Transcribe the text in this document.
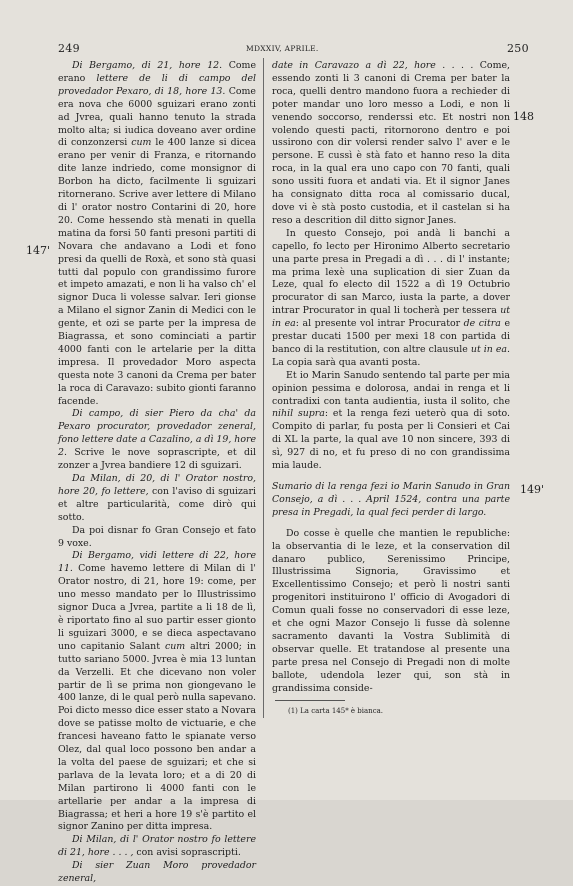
249	MDXXIV, APRILE.	250
147'
148
149'

Di Bergamo, di 21, hore 12. Come erano lettere de li di campo del provedador Pexaro, di 18, hore 13. Come era nova che 6000 sguizari erano zonti ad Jvrea, quali hanno tenuto la strada molto alta; si iudica doveano aver ordine di conzonzersi cum le 400 lanze si dicea erano per venir di Franza, e ritornando dite lanze indriedo, come monsignor di Borbon ha dicto, facilmente li sguizari ritornerano. Scrive aver lettere di Milano di l' orator nostro Contarini di 20, hore 20. Come hessendo stà menati in quella matina da forsi 50 fanti presoni partiti di Novara che andavano a Lodi et fono presi da quelli de Roxà, et sono stà quasi tutti dal populo con grandissimo furore et impeto amazati, e non li ha valso ch' el signor Duca li volesse salvar. Ieri gionse a Milano el signor Zanin di Medici con le gente, et ozi se parte per la impresa de Biagrassa, et sono cominciati a partir 4000 fanti con le artelarie per la ditta impresa. Il provedador Moro aspecta questa note 3 canoni da Crema per bater la roca di Caravazo: subito gionti faranno facende.

Di campo, di sier Piero da cha' da Pexaro procurator, provedador zeneral, fono lettere date a Cazalino, a dì 19, hore 2. Scrive le nove soprascripte, et dil zonzer a Jvrea bandiere 12 di sguizari.

Da Milan, di 20, di l' Orator nostro, hore 20, fo lettere, con l'aviso di sguizari et altre particularità, come dirò qui sotto.

Da poi disnar fo Gran Consejo et fato 9 voxe.

Di Bergamo, vidi lettere di 22, hore 11. Come havemo lettere di Milan di l' Orator nostro, di 21, hore 19: come, per uno messo mandato per lo Illustrissimo signor Duca a Jvrea, partite a li 18 de lì, è riportato fino al suo partir esser gionto li sguizari 3000, e se dieca aspectavano uno capitanio Salant cum altri 2000; in tutto sariano 5000. Jvrea è mia 13 luntan da Verzelli. Et che dicevano non voler partir de lì se prima non giongevano le 400 lanze, di le qual però nulla sapevano. Poi dicto messo dice esser stato a Novara dove se patisse molto de victuarie, e che francesi haveano fatto le spianate verso Olez, dal qual loco possono ben andar a la volta del paese de sguizari; et che si parlava de la levata loro; et a di 20 di Milan partirono li 4000 fanti con le artellarie per andar a la impresa di Biagrassa; et heri a hore 19 s'è partito el signor Zanino per ditta impresa.

Di Milan, di l' Orator nostro fo lettere di 21, hore . . . , con avisi soprascripti.

Di sier Zuan Moro provedador zeneral,

date in Caravazo a dì 22, hore . . . . Come, essendo zonti li 3 canoni di Crema per bater la roca, quelli dentro mandono fuora a rechieder di poter mandar uno loro messo a Lodi, e non li venendo soccorso, renderssi etc. Et nostri non volendo questi pacti, ritornorono dentro e poi ussirono con dir volersi render salvo l' aver e le persone. E cussì è stà fato et hanno reso la dita roca, in la qual era uno capo con 70 fanti, quali sono ussiti fuora et andati via. Et il signor Janes ha consignato ditta roca al comissario ducal, dove vi è stà posto custodia, et il castelan si ha reso a descrition dil ditto signor Janes.

In questo Consejo, poi andà li banchi a capello, fo lecto per Hironimo Alberto secretario una parte presa in Pregadi a dì . . . di l' instante; ma prima lexè una suplication di sier Zuan da Leze, qual fo electo dil 1522 a dì 19 Octubrio procurator di san Marco, iusta la parte, a dover intrar Procurator in qual li tocherà per tessera ut in ea: al presente vol intrar Procurator de citra e prestar ducati 1500 per mexi 18 con partida di banco di la restitution, con altre clausule ut in ea. La copia sarà qua avanti posta.

Et io Marin Sanudo sentendo tal parte per mia opinion pessima e dolorosa, andai in renga et li contradixi con tanta audientia, iusta il solito, che nihil supra: et la renga fezi ueterò qua di soto. Compito di parlar, fu posta per li Consieri et Cai di XL la parte, la qual ave 10 non sincere, 393 di sì, 927 di no, et fu preso di no con grandissima mia laude.

Sumario di la renga fezi io Marin Sanudo in Gran Consejo, a dì . . . April 1524, contra una parte presa in Pregadi, la qual feci perder di largo.

Do cosse è quelle che mantien le republiche: la observantia di le leze, et la conservation dil danaro publico, Serenissimo Principe, Illustrissima Signoria, Gravissimo et Excellentissimo Consejo; et però li nostri santi progenitori instituirono l' officio di Avogadori di Comun quali fosse no conservadori di esse leze, et che ogni Mazor Consejo li fusse dà solenne sacramento davanti la Vostra Sublimità di observar quelle. Et tratandose al presente una parte presa nel Consejo di Pregadi non di molte ballote, udendola lezer qui, son stà in grandissima conside-

(1) La carta 145* è bianca.
